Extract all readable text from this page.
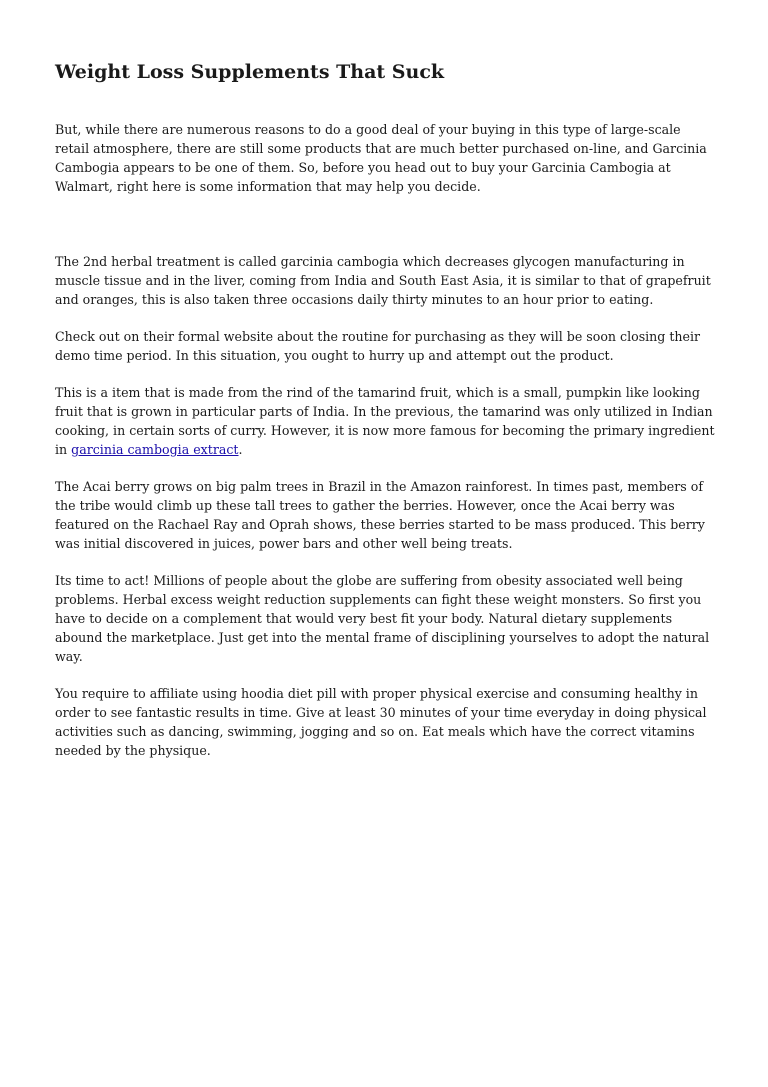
Weight Loss Supplements That Suck

But, while there are numerous reasons to do a good deal of your buying in this type of large-scale retail atmosphere, there are still some products that are much better purchased on-line, and Garcinia Cambogia appears to be one of them. So, before you head out to buy your Garcinia Cambogia at Walmart, right here is some information that may help you decide.

The 2nd herbal treatment is called garcinia cambogia which decreases glycogen manufacturing in muscle tissue and in the liver, coming from India and South East Asia, it is similar to that of grapefruit and oranges, this is also taken three occasions daily thirty minutes to an hour prior to eating.

Check out on their formal website about the routine for purchasing as they will be soon closing their demo time period. In this situation, you ought to hurry up and attempt out the product.

This is a item that is made from the rind of the tamarind fruit, which is a small, pumpkin like looking fruit that is grown in particular parts of India. In the previous, the tamarind was only utilized in Indian cooking, in certain sorts of curry. However, it is now more famous for becoming the primary ingredient in garcinia cambogia extract.

The Acai berry grows on big palm trees in Brazil in the Amazon rainforest. In times past, members of the tribe would climb up these tall trees to gather the berries. However, once the Acai berry was featured on the Rachael Ray and Oprah shows, these berries started to be mass produced. This berry was initial discovered in juices, power bars and other well being treats.

Its time to act! Millions of people about the globe are suffering from obesity associated well being problems. Herbal excess weight reduction supplements can fight these weight monsters. So first you have to decide on a complement that would very best fit your body. Natural dietary supplements abound the marketplace. Just get into the mental frame of disciplining yourselves to adopt the natural way.

You require to affiliate using hoodia diet pill with proper physical exercise and consuming healthy in order to see fantastic results in time. Give at least 30 minutes of your time everyday in doing physical activities such as dancing, swimming, jogging and so on. Eat meals which have the correct vitamins needed by the physique.
